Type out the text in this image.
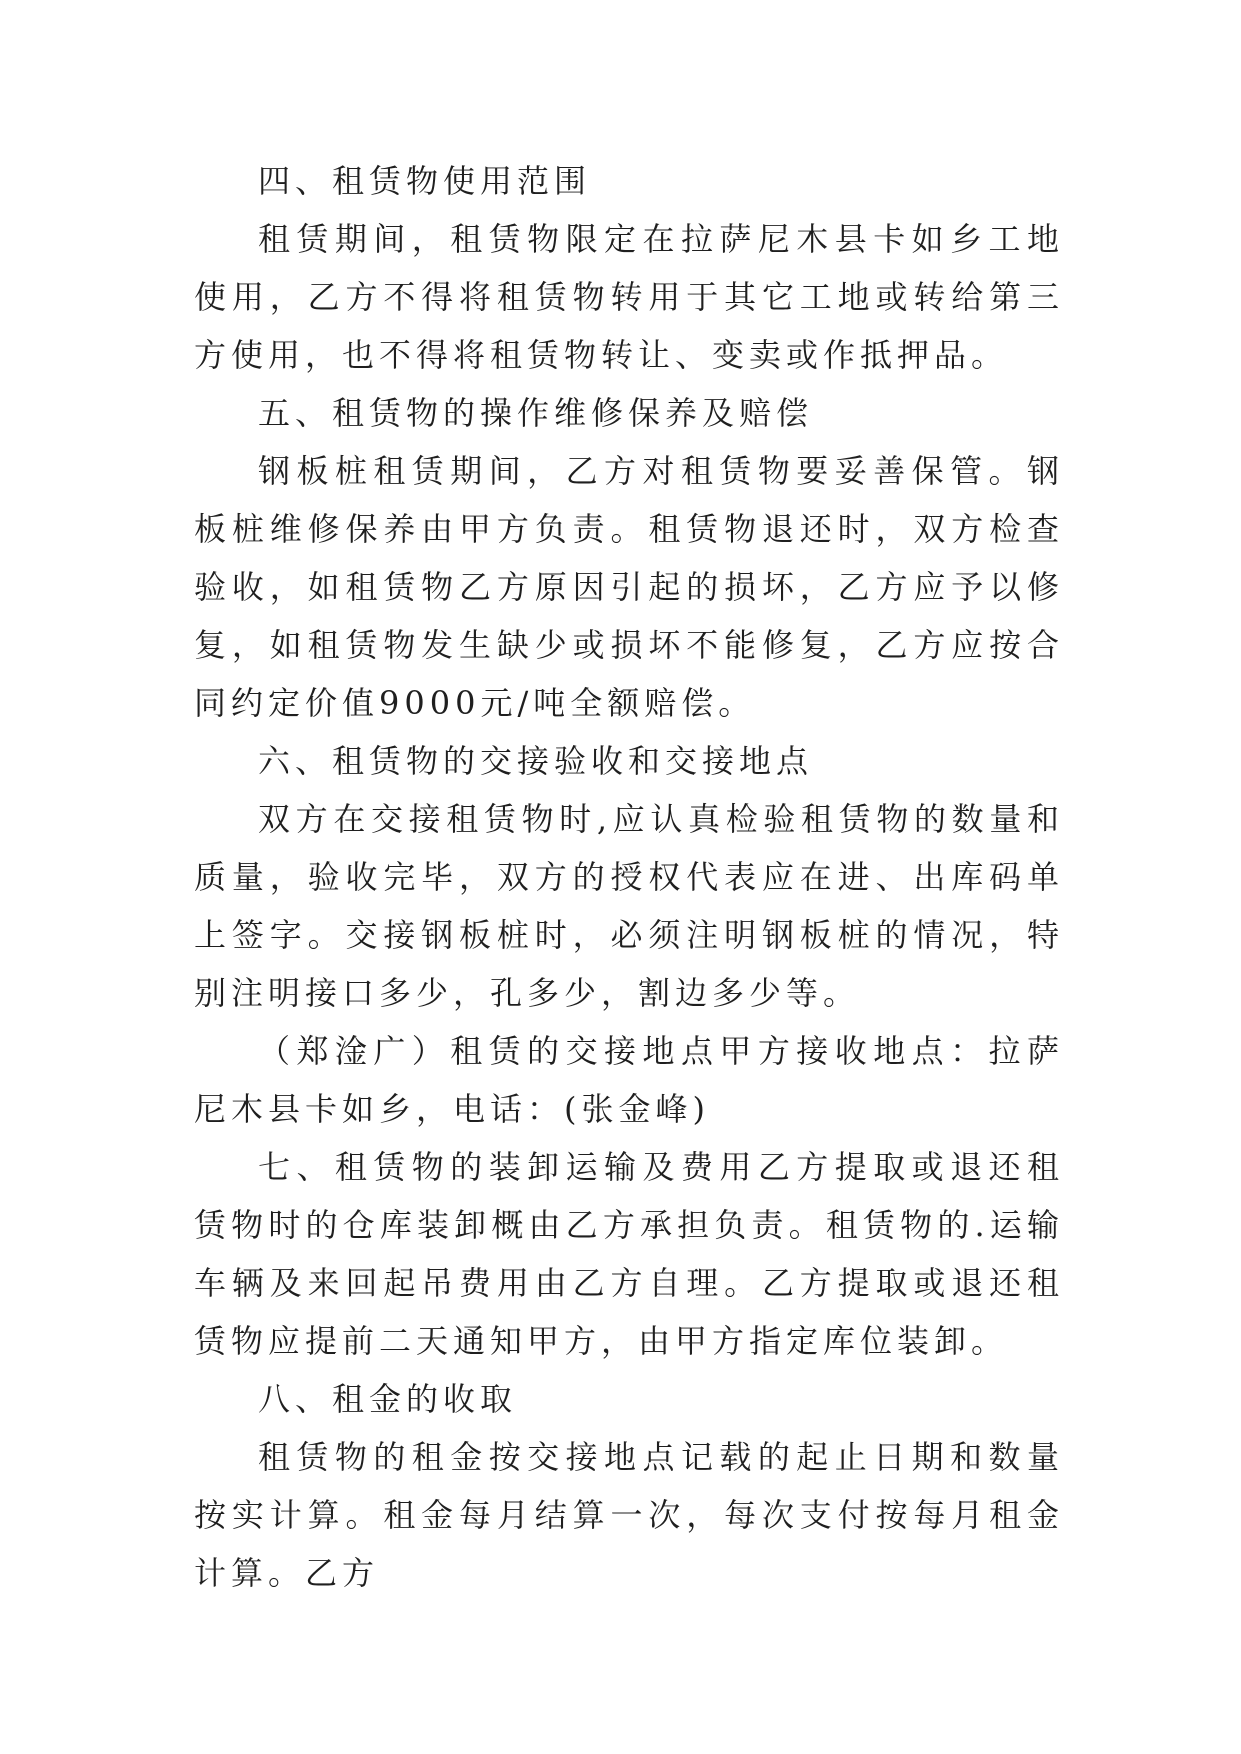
四、租赁物使用范围

租赁期间，租赁物限定在拉萨尼木县卡如乡工地使用，乙方不得将租赁物转用于其它工地或转给第三方使用，也不得将租赁物转让、变卖或作抵押品。

五、租赁物的操作维修保养及赔偿

钢板桩租赁期间，乙方对租赁物要妥善保管。钢板桩维修保养由甲方负责。租赁物退还时，双方检查验收，如租赁物乙方原因引起的损坏，乙方应予以修复，如租赁物发生缺少或损坏不能修复，乙方应按合同约定价值9000元/吨全额赔偿。

六、租赁物的交接验收和交接地点

双方在交接租赁物时,应认真检验租赁物的数量和质量，验收完毕，双方的授权代表应在进、出库码单上签字。交接钢板桩时，必须注明钢板桩的情况，特别注明接口多少，孔多少，割边多少等。

（郑淦广）租赁的交接地点甲方接收地点：拉萨尼木县卡如乡，电话：(张金峰)

七、租赁物的装卸运输及费用乙方提取或退还租赁物时的仓库装卸概由乙方承担负责。租赁物的.运输车辆及来回起吊费用由乙方自理。乙方提取或退还租赁物应提前二天通知甲方，由甲方指定库位装卸。

八、租金的收取

租赁物的租金按交接地点记载的起止日期和数量按实计算。租金每月结算一次，每次支付按每月租金计算。乙方
